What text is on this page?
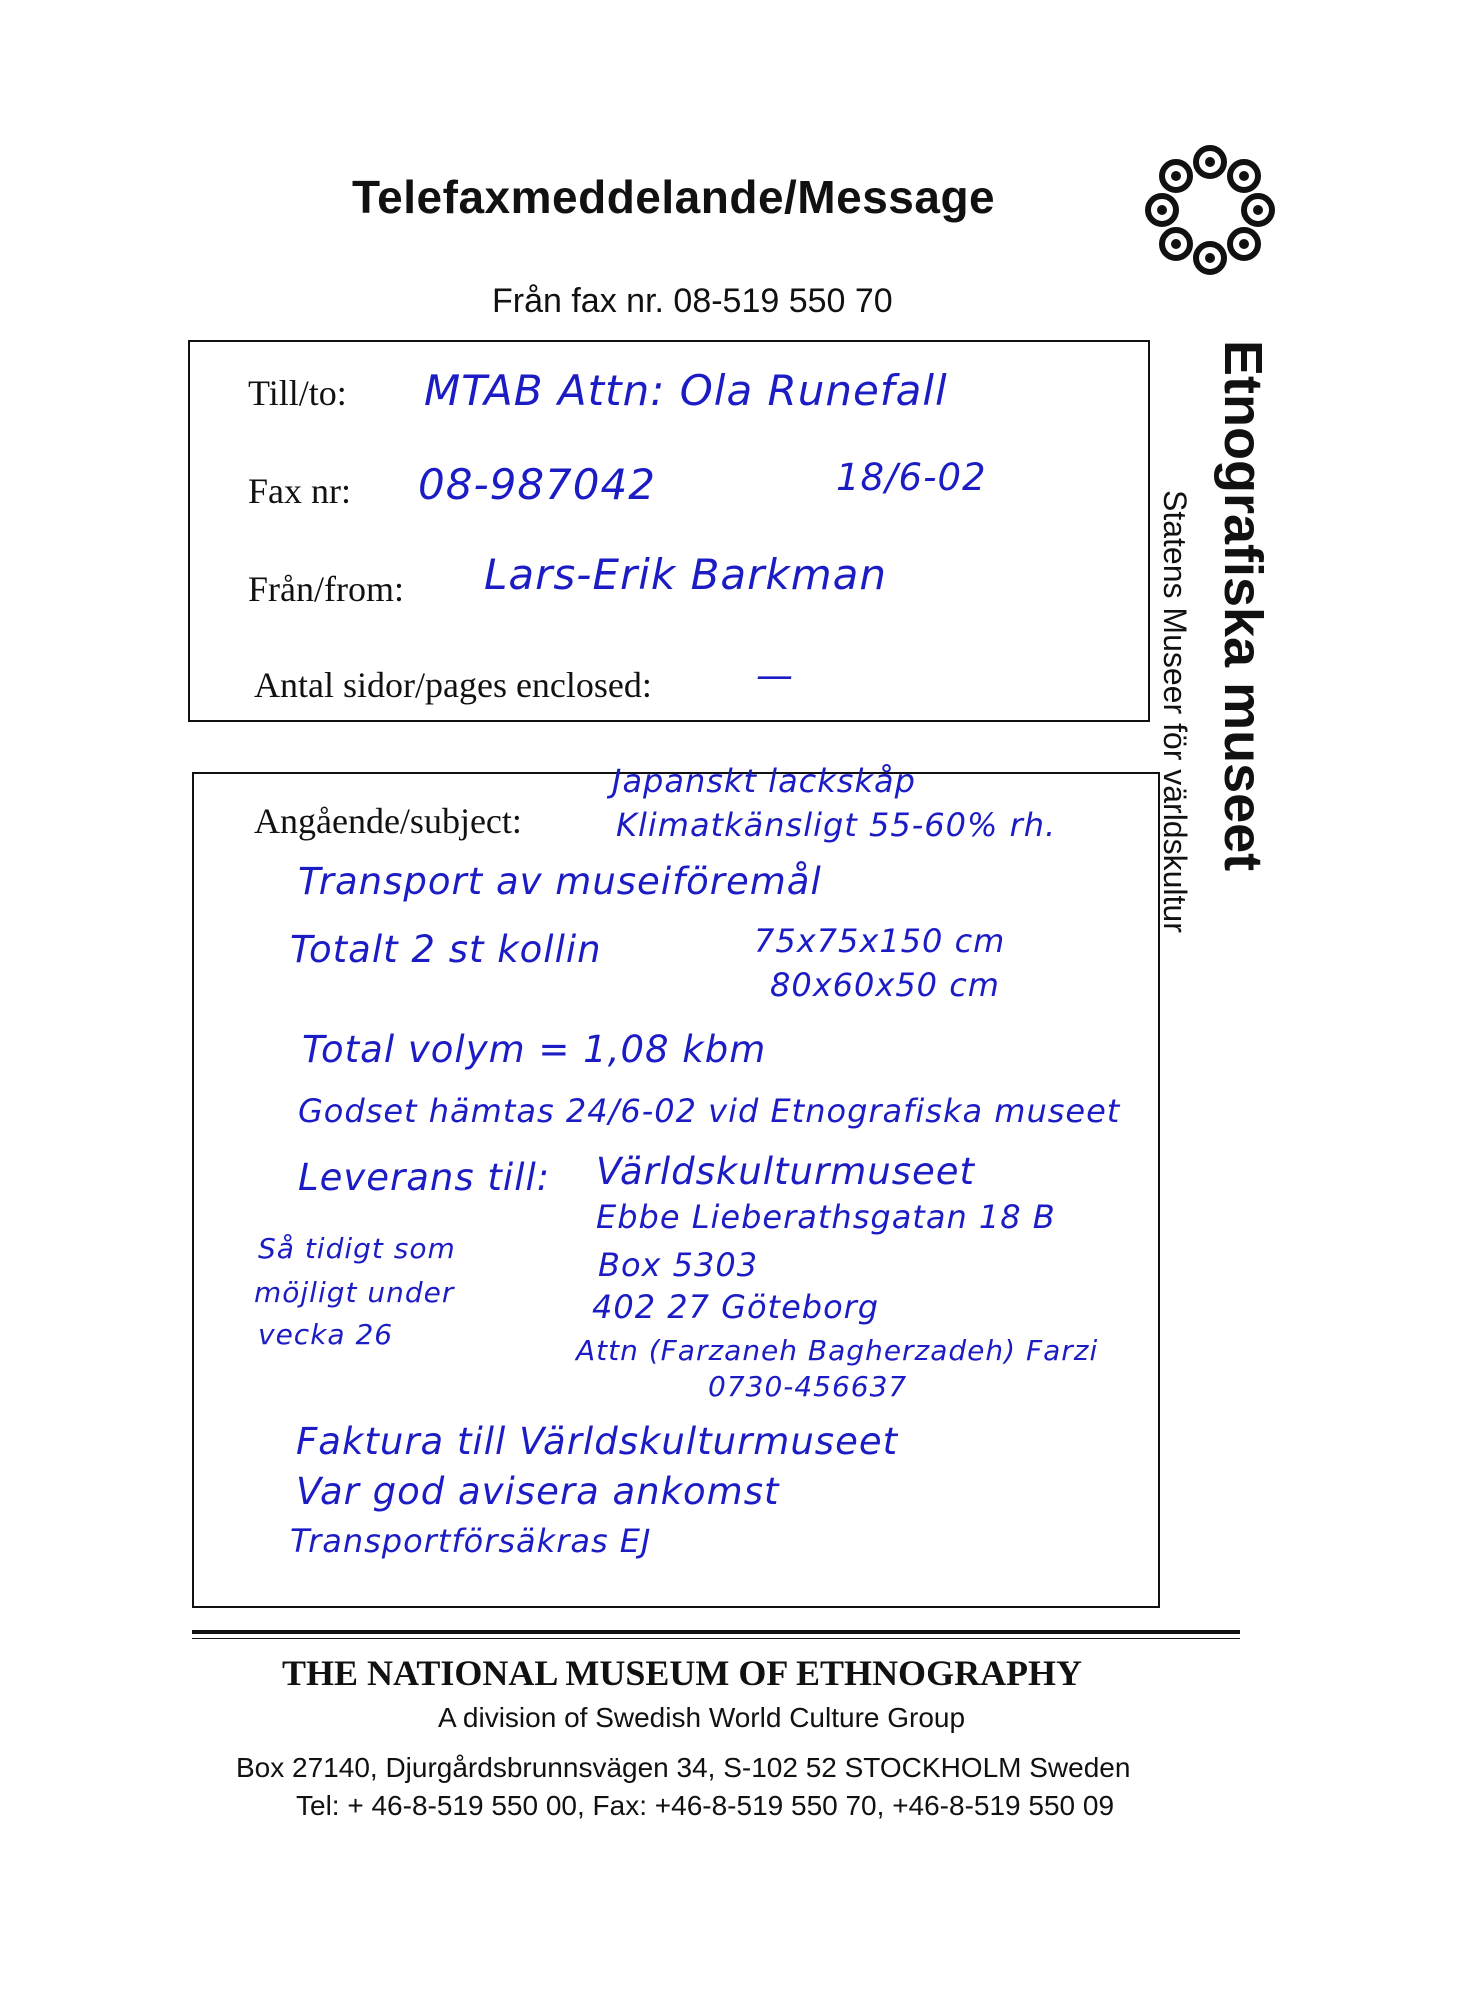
Telefaxmeddelande/Message
Från fax nr. 08-519 550 70
Etnografiska museet
Statens Museer för världskultur
Till/to: MTAB Attn: Ola Runefall
Fax nr: 08-987042	18/6-02
Från/from: Lars-Erik Barkman
Antal sidor/pages enclosed:	—
Angående/subject:
Japanskt lackskåp
Klimatkänsligt 55-60% rh.
Transport av museiföremål
Totalt 2 st kollin	75x75x150 cm
80x60x50 cm
Total volym = 1,08 kbm
Godset hämtas 24/6-02 vid Etnografiska museet
Leverans till: Världskulturmuseet
Ebbe Lieberathsgatan 18 B
Box 5303
402 27 Göteborg
Attn (Farzaneh Bagherzadeh) Farzi
0730-456637
Så tidigt som
möjligt under
vecka 26
Faktura till Världskulturmuseet
Var god avisera ankomst
Transportförsäkras EJ
THE NATIONAL MUSEUM OF ETHNOGRAPHY
A division of Swedish World Culture Group
Box 27140, Djurgårdsbrunnsvägen 34, S-102 52 STOCKHOLM Sweden
Tel: + 46-8-519 550 00, Fax: +46-8-519 550 70, +46-8-519 550 09
